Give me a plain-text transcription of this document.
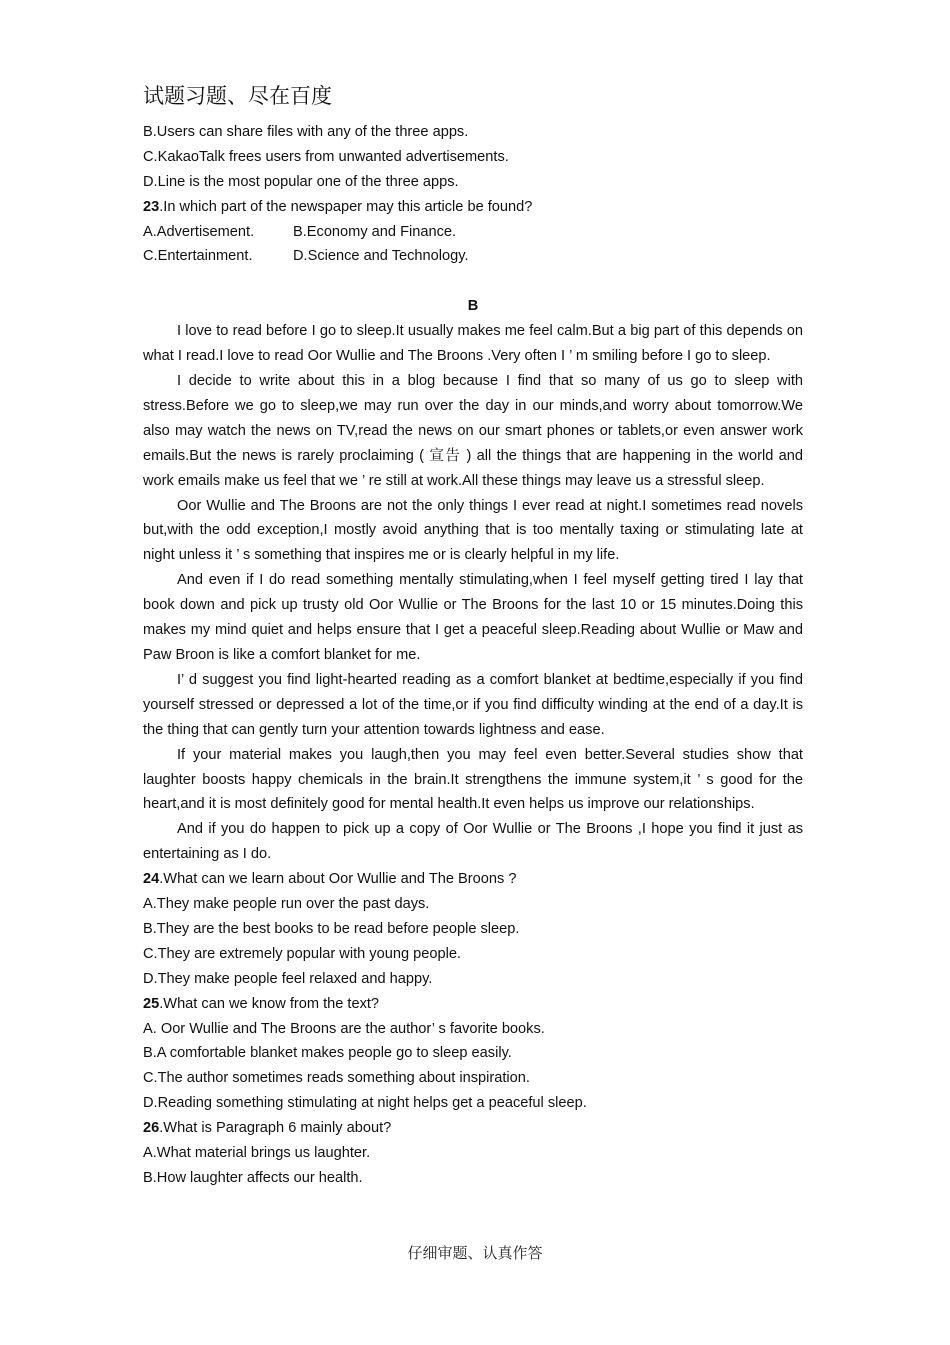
试题习题、尽在百度
B.Users can share files with any of the three apps.
C.KakaoTalk frees users from unwanted advertisements.
D.Line is the most popular one of the three apps.
23.In which part of the newspaper may this article be found?
A.Advertisement.	B.Economy and Finance.
C.Entertainment.	D.Science and Technology.
B

I love to read before I go to sleep.It usually makes me feel calm.But a big part of this depends on what I read.I love to read Oor Wullie and The Broons .Very often I ’ m smiling before I go to sleep.

I decide to write about this in a blog because I find that so many of us go to sleep with stress.Before we go to sleep,we may run over the day in our minds,and worry about tomorrow.We also may watch the news on TV,read the news on our smart phones or tablets,or even answer work emails.But the news is rarely proclaiming ( 宣告 ) all the things that are happening in the world and work emails make us feel that we ’ re still at work.All these things may leave us a stressful sleep.

Oor Wullie and The Broons are not the only things I ever read at night.I sometimes read novels but,with the odd exception,I mostly avoid anything that is too mentally taxing or stimulating late at night unless it ’ s something that inspires me or is clearly helpful in my life.

And even if I do read something mentally stimulating,when I feel myself getting tired I lay that book down and pick up trusty old Oor Wullie or The Broons for the last 10 or 15 minutes.Doing this makes my mind quiet and helps ensure that I get a peaceful sleep.Reading about Wullie or Maw and Paw Broon is like a comfort blanket for me.

I’ d suggest you find light-hearted reading as a comfort blanket at bedtime,especially if you find yourself stressed or depressed a lot of the time,or if you find difficulty winding at the end of a day.It is the thing that can gently turn your attention towards lightness and ease.

If your material makes you laugh,then you may feel even better.Several studies show that laughter boosts happy chemicals in the brain.It strengthens the immune system,it ’ s good for the heart,and it is most definitely good for mental health.It even helps us improve our relationships.

And if you do happen to pick up a copy of Oor Wullie or The Broons ,I hope you find it just as entertaining as I do.

24.What can we learn about Oor Wullie and The Broons ?
A.They make people run over the past days.
B.They are the best books to be read before people sleep.
C.They are extremely popular with young people.
D.They make people feel relaxed and happy.
25.What can we know from the text?
A. Oor Wullie and The Broons are the author’ s favorite books.
B.A comfortable blanket makes people go to sleep easily.
C.The author sometimes reads something about inspiration.
D.Reading something stimulating at night helps get a peaceful sleep.
26.What is Paragraph 6 mainly about?
A.What material brings us laughter.
B.How laughter affects our health.
仔细审题、认真作答
